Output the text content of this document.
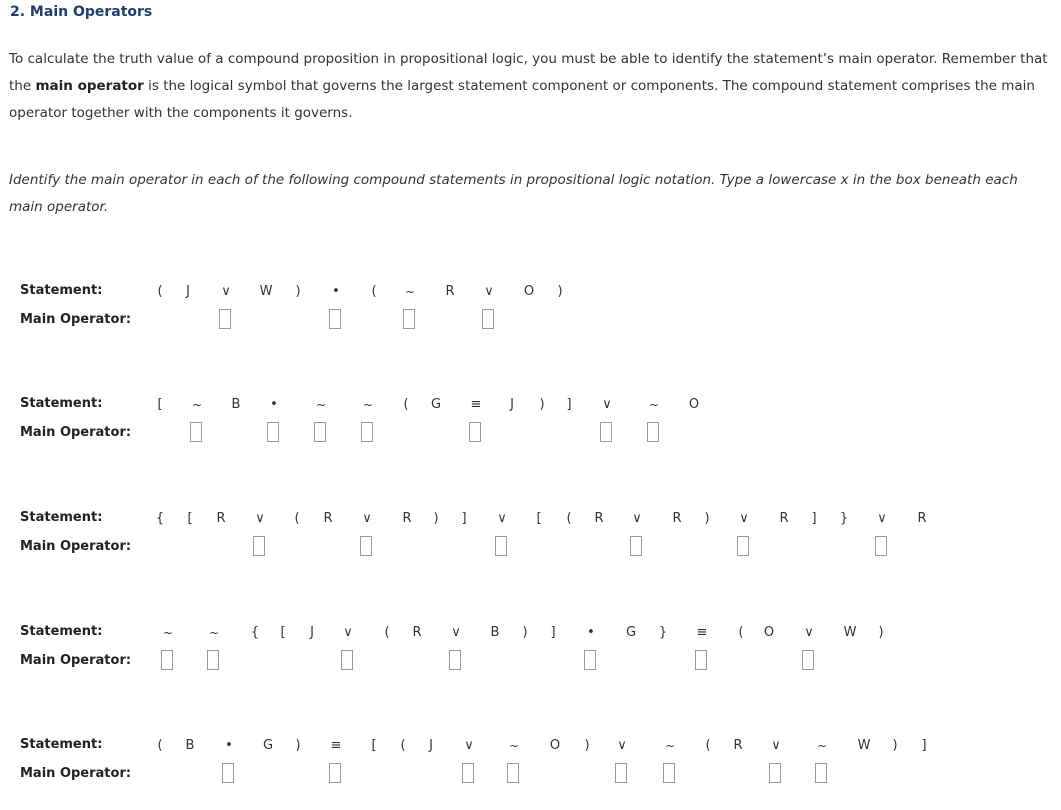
2. Main Operators
To calculate the truth value of a compound proposition in propositional logic, you must be able to identify the statement’s main operator. Remember that the main operator is the logical symbol that governs the largest statement component or components. The compound statement comprises the main operator together with the components it governs.
Identify the main operator in each of the following compound statements in propositional logic notation. Type a lowercase x in the box beneath each main operator.
Statement:
Main Operator:
(	J	∨	W	)	•	(	~	R	∨	O	)
Statement:
Main Operator:
[	~	B	•	~	~	(	G	≡	J	)	]	∨	~	O
Statement:
Main Operator:
{	[	R	∨	(	R	∨	R	)	]	∨	[	(	R	∨	R	)	∨	R	]	}	∨	R
Statement:
Main Operator:
~	~	{	[	J	∨	(	R	∨	B	)	]	•	G	}	≡	(	O	∨	W	)
Statement:
Main Operator:
(	B	•	G	)	≡	[	(	J	∨	~	O	)	∨	~	(	R	∨	~	W	)	]
